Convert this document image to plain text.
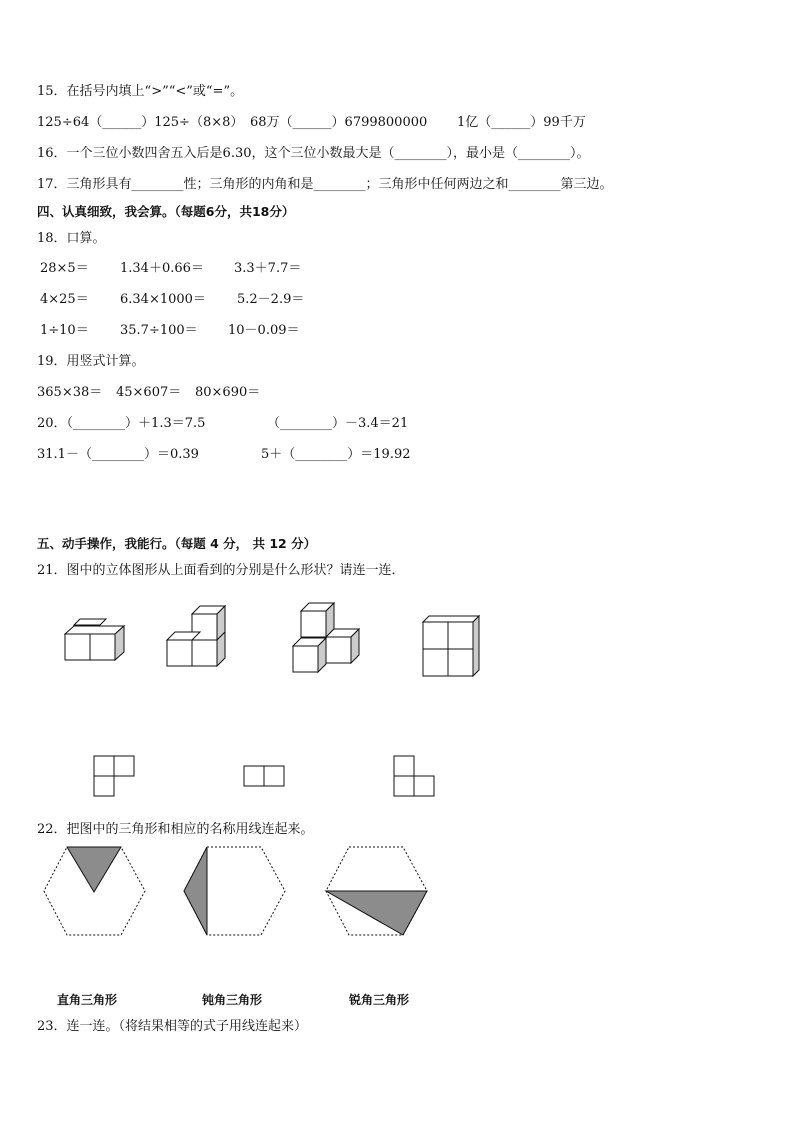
15．在括号内填上“>”“<”或“=”。
125÷64（______）125÷（8×8） 68万（______）6799800000 1亿（______）99千万
16．一个三位小数四舍五入后是6.30，这个三位小数最大是（________），最小是（________）。
17．三角形具有________性；三角形的内角和是________；三角形中任何两边之和________第三边。
四、认真细致，我会算。（每题6分，共18分）
18．口算。
28×5＝ 1.34＋0.66＝ 3.3＋7.7＝
4×25＝ 6.34×1000＝ 5.2－2.9＝
1÷10＝ 35.7÷100＝ 10－0.09＝
19．用竖式计算。
365×38＝ 45×607＝ 80×690＝
20．（________）＋1.3＝7.5	（________）－3.4＝21
31.1－（________）＝0.39	5＋（________）＝19.92
五、动手操作，我能行。（每题 4 分， 共 12 分）
21．图中的立体图形从上面看到的分别是什么形状？请连一连．
22．把图中的三角形和相应的名称用线连起来。
直角三角形	钝角三角形	锐角三角形
23．连一连。（将结果相等的式子用线连起来）
